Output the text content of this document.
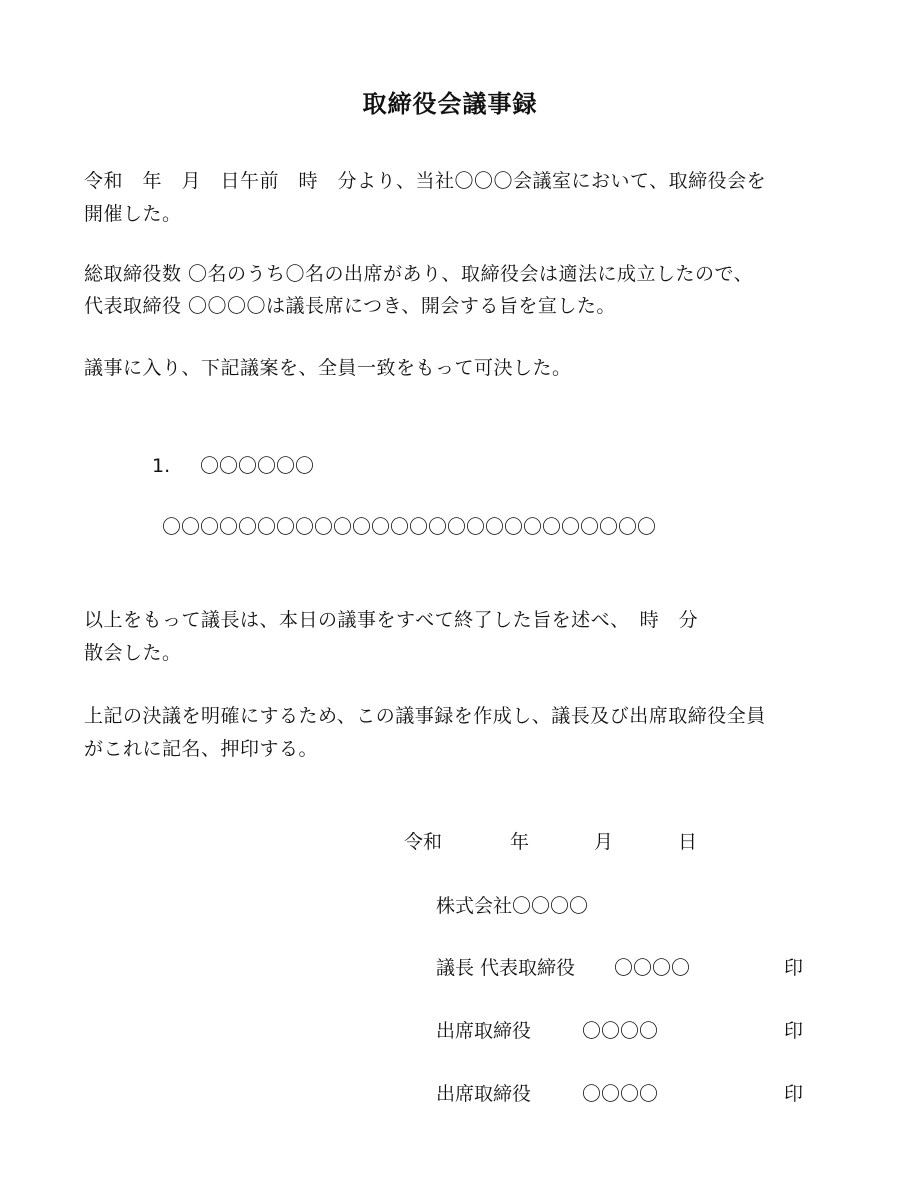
取締役会議事録
令和　年　月　日午前　時　分より、当社〇〇〇会議室において、取締役会を
開催した。
総取締役数 〇名のうち〇名の出席があり、取締役会は適法に成立したので、
代表取締役 〇〇〇〇は議長席につき、開会する旨を宣した。
議事に入り、下記議案を、全員一致をもって可決した。
1. 〇〇〇〇〇〇
〇〇〇〇〇〇〇〇〇〇〇〇〇〇〇〇〇〇〇〇〇〇〇〇〇〇
以上をもって議長は、本日の議事をすべて終了した旨を述べ、　時　分
散会した。
上記の決議を明確にするため、この議事録を作成し、議長及び出席取締役全員
がこれに記名、押印する。
令和	年	月	日
株式会社〇〇〇〇
議長 代表取締役 〇〇〇〇	印
出席取締役	〇〇〇〇	印
出席取締役	〇〇〇〇	印
